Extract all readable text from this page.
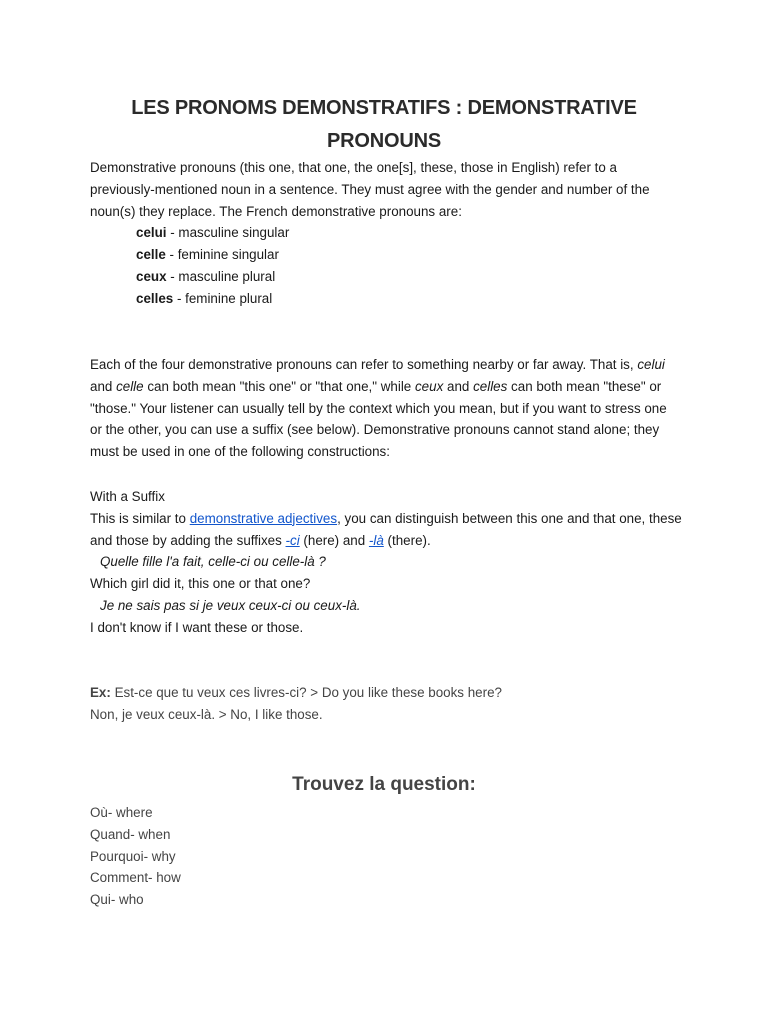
LES PRONOMS DEMONSTRATIFS : DEMONSTRATIVE PRONOUNS
Demonstrative pronouns (this one, that one, the one[s], these, those in English) refer to a previously-mentioned noun in a sentence. They must agree with the gender and number of the noun(s) they replace. The French demonstrative pronouns are:
celui - masculine singular
celle - feminine singular
ceux - masculine plural
celles - feminine plural
Each of the four demonstrative pronouns can refer to something nearby or far away. That is, celui and celle can both mean "this one" or "that one," while ceux and celles can both mean "these" or "those." Your listener can usually tell by the context which you mean, but if you want to stress one or the other, you can use a suffix (see below). Demonstrative pronouns cannot stand alone; they must be used in one of the following constructions:
With a Suffix
This is similar to demonstrative adjectives, you can distinguish between this one and that one, these and those by adding the suffixes -ci (here) and -là (there).
Quelle fille l'a fait, celle-ci ou celle-là ?
Which girl did it, this one or that one?
Je ne sais pas si je veux ceux-ci ou ceux-là.
I don't know if I want these or those.
Ex: Est-ce que tu veux ces livres-ci? > Do you like these books here?
Non, je veux ceux-là. > No, I like those.
Trouvez la question:
Où- where
Quand- when
Pourquoi- why
Comment- how
Qui- who
